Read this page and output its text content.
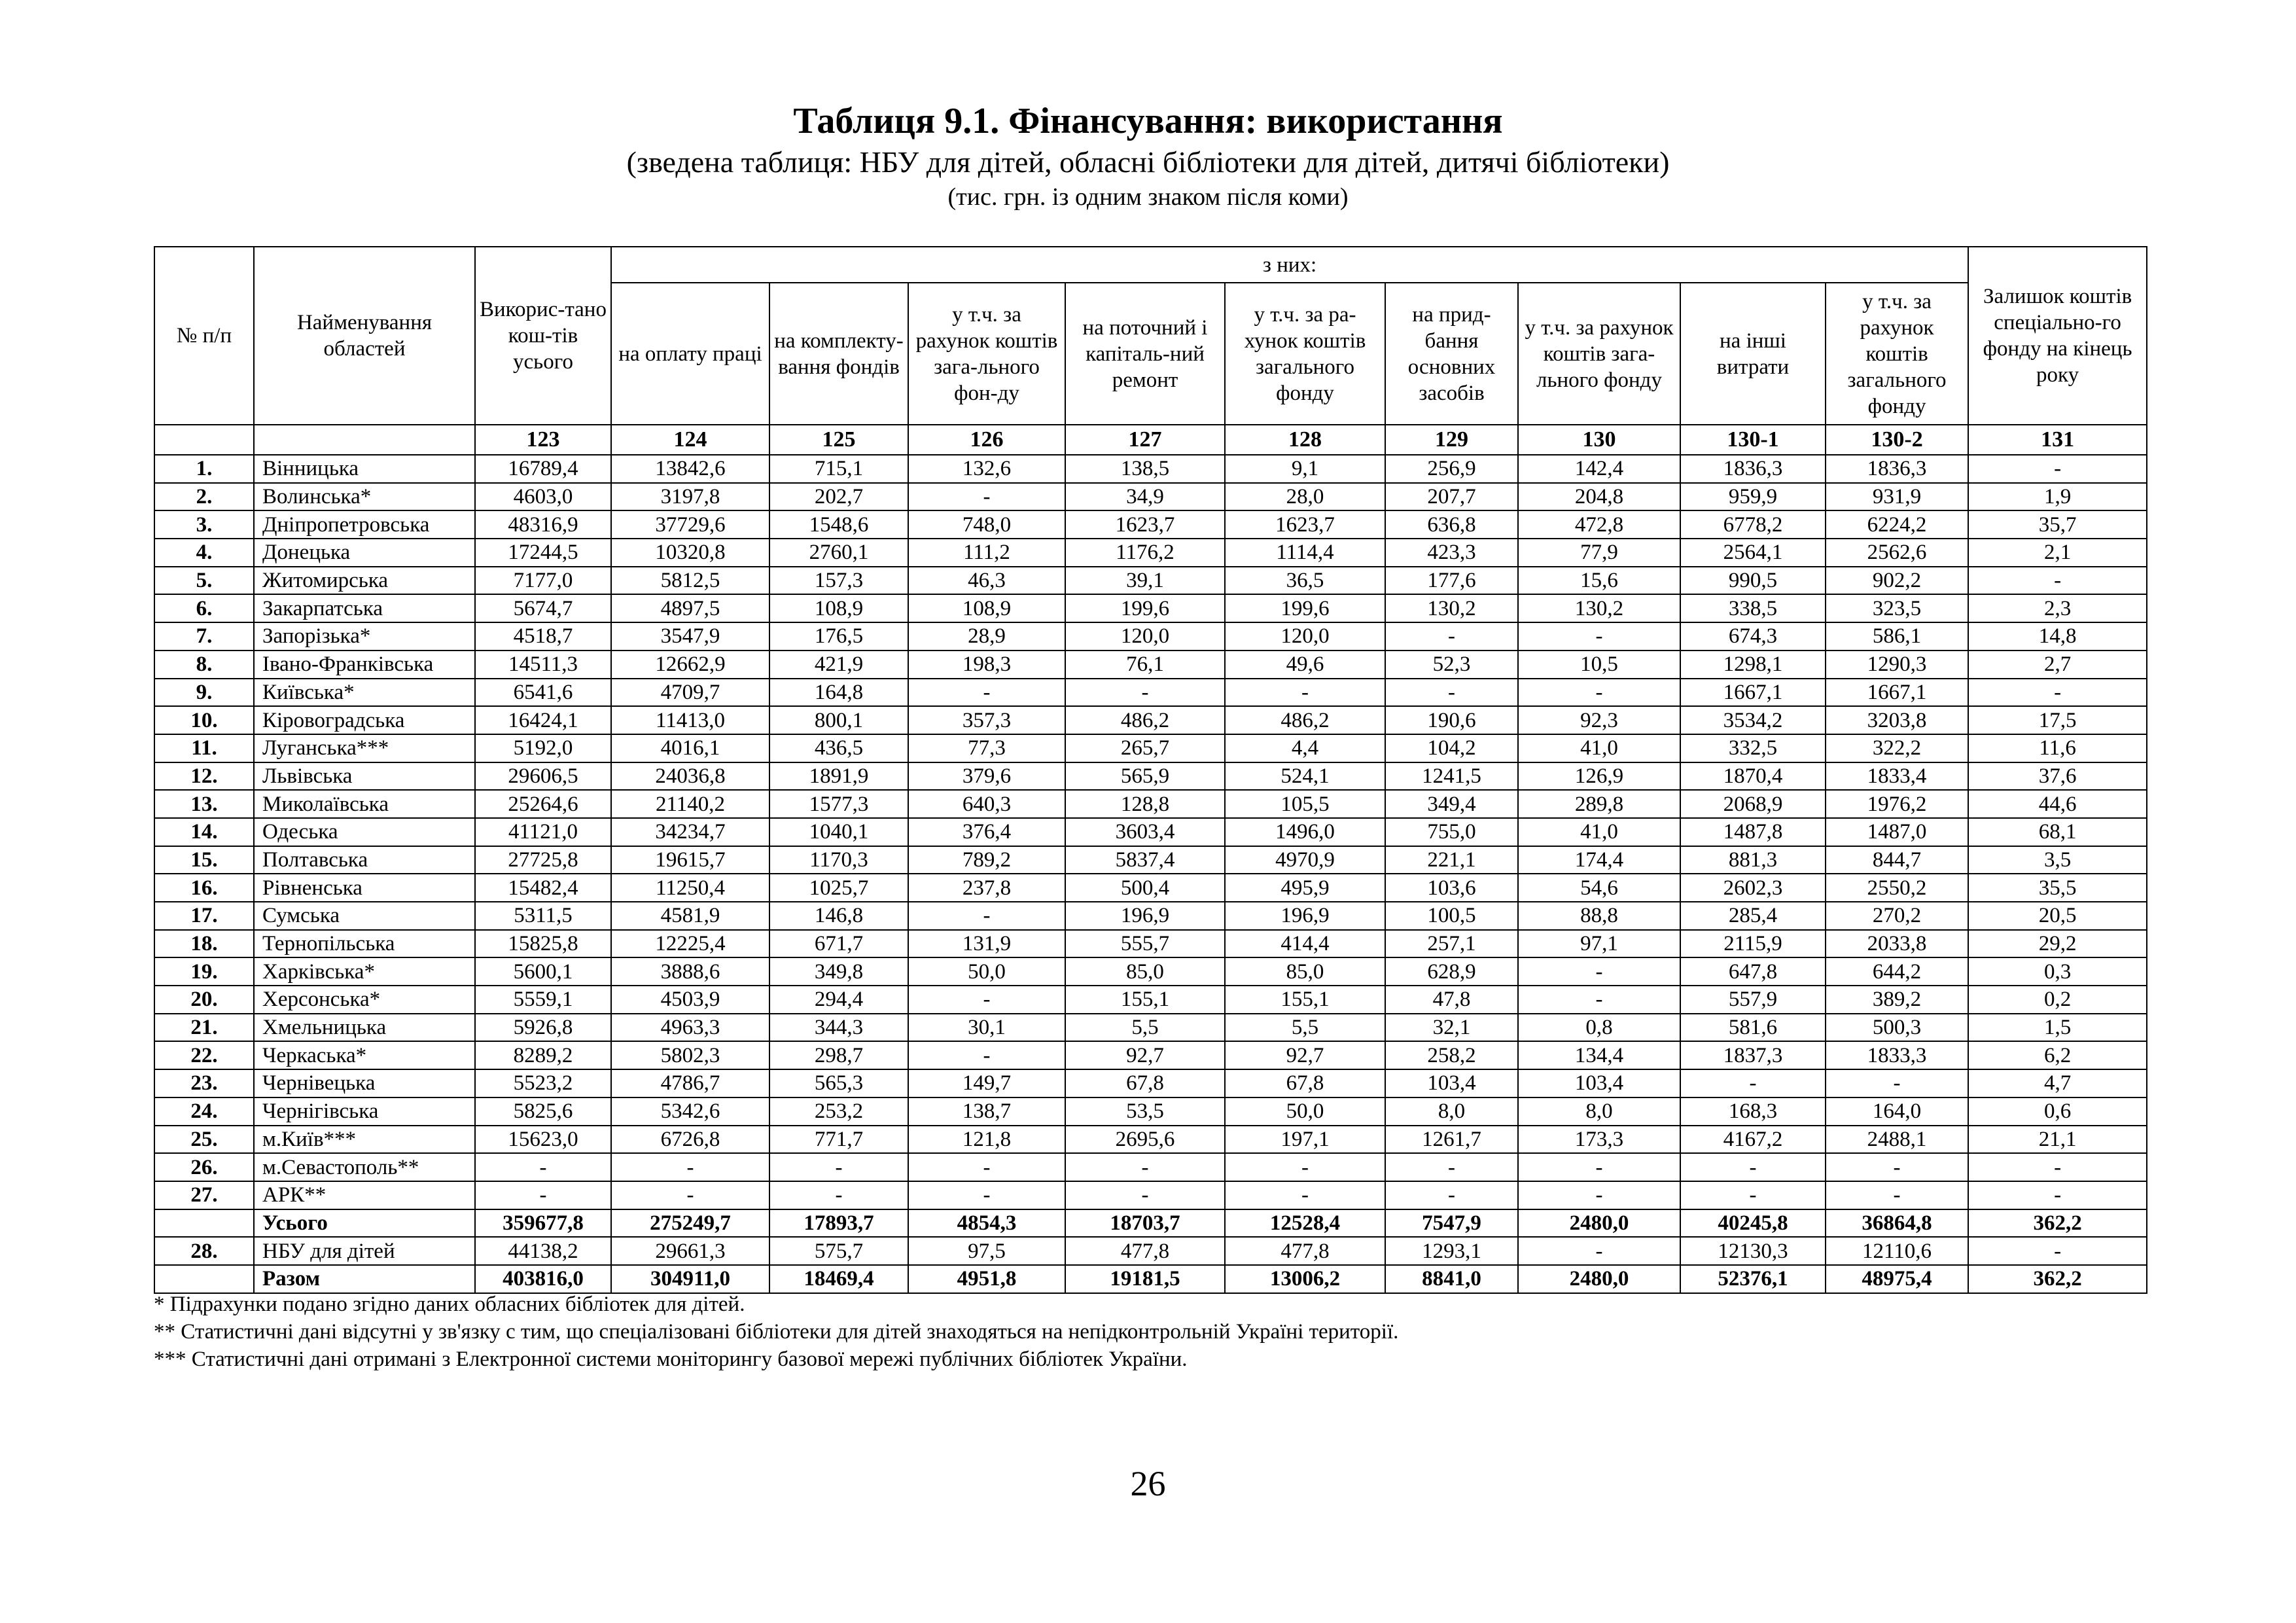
Таблиця 9.1. Фінансування: використання
(зведена таблиця: НБУ для дітей, обласні бібліотеки для дітей, дитячі бібліотеки)
(тис. грн. із одним знаком після коми)
№ п/п	Найменування областей	Викорис-тано кош-тів усього	з них:									Залишок коштів спеціально-го фонду на кінець року
			на оплату праці	на комплекту-вання фондів	у т.ч. за рахунок коштів зага-льного фон-ду	на поточний і капіталь-ний ремонт	у т.ч. за ра-хунок коштів загального фонду	на прид-бання основних засобів	у т.ч. за рахунок коштів зага-льного фонду	на інші витрати	у т.ч. за рахунок коштів загального фонду	
		123	124	125	126	127	128	129	130	130-1	130-2	131
1.	Вінницька	16789,4	13842,6	715,1	132,6	138,5	9,1	256,9	142,4	1836,3	1836,3	-
2.	Волинська*	4603,0	3197,8	202,7	-	34,9	28,0	207,7	204,8	959,9	931,9	1,9
3.	Дніпропетровська	48316,9	37729,6	1548,6	748,0	1623,7	1623,7	636,8	472,8	6778,2	6224,2	35,7
4.	Донецька	17244,5	10320,8	2760,1	111,2	1176,2	1114,4	423,3	77,9	2564,1	2562,6	2,1
5.	Житомирська	7177,0	5812,5	157,3	46,3	39,1	36,5	177,6	15,6	990,5	902,2	-
6.	Закарпатська	5674,7	4897,5	108,9	108,9	199,6	199,6	130,2	130,2	338,5	323,5	2,3
7.	Запорізька*	4518,7	3547,9	176,5	28,9	120,0	120,0	-	-	674,3	586,1	14,8
8.	Івано-Франківська	14511,3	12662,9	421,9	198,3	76,1	49,6	52,3	10,5	1298,1	1290,3	2,7
9.	Київська*	6541,6	4709,7	164,8	-	-	-	-	-	1667,1	1667,1	-
10.	Кіровоградська	16424,1	11413,0	800,1	357,3	486,2	486,2	190,6	92,3	3534,2	3203,8	17,5
11.	Луганська***	5192,0	4016,1	436,5	77,3	265,7	4,4	104,2	41,0	332,5	322,2	11,6
12.	Львівська	29606,5	24036,8	1891,9	379,6	565,9	524,1	1241,5	126,9	1870,4	1833,4	37,6
13.	Миколаївська	25264,6	21140,2	1577,3	640,3	128,8	105,5	349,4	289,8	2068,9	1976,2	44,6
14.	Одеська	41121,0	34234,7	1040,1	376,4	3603,4	1496,0	755,0	41,0	1487,8	1487,0	68,1
15.	Полтавська	27725,8	19615,7	1170,3	789,2	5837,4	4970,9	221,1	174,4	881,3	844,7	3,5
16.	Рівненська	15482,4	11250,4	1025,7	237,8	500,4	495,9	103,6	54,6	2602,3	2550,2	35,5
17.	Сумська	5311,5	4581,9	146,8	-	196,9	196,9	100,5	88,8	285,4	270,2	20,5
18.	Тернопільська	15825,8	12225,4	671,7	131,9	555,7	414,4	257,1	97,1	2115,9	2033,8	29,2
19.	Харківська*	5600,1	3888,6	349,8	50,0	85,0	85,0	628,9	-	647,8	644,2	0,3
20.	Херсонська*	5559,1	4503,9	294,4	-	155,1	155,1	47,8	-	557,9	389,2	0,2
21.	Хмельницька	5926,8	4963,3	344,3	30,1	5,5	5,5	32,1	0,8	581,6	500,3	1,5
22.	Черкаська*	8289,2	5802,3	298,7	-	92,7	92,7	258,2	134,4	1837,3	1833,3	6,2
23.	Чернівецька	5523,2	4786,7	565,3	149,7	67,8	67,8	103,4	103,4	-	-	4,7
24.	Чернігівська	5825,6	5342,6	253,2	138,7	53,5	50,0	8,0	8,0	168,3	164,0	0,6
25.	м.Київ***	15623,0	6726,8	771,7	121,8	2695,6	197,1	1261,7	173,3	4167,2	2488,1	21,1
26.	м.Севастополь**	-	-	-	-	-	-	-	-	-	-	-
27.	АРК**	-	-	-	-	-	-	-	-	-	-	-
	Усього	359677,8	275249,7	17893,7	4854,3	18703,7	12528,4	7547,9	2480,0	40245,8	36864,8	362,2
28.	НБУ для дітей	44138,2	29661,3	575,7	97,5	477,8	477,8	1293,1	-	12130,3	12110,6	-
	Разом	403816,0	304911,0	18469,4	4951,8	19181,5	13006,2	8841,0	2480,0	52376,1	48975,4	362,2
* Підрахунки подано згідно даних обласних бібліотек для дітей.
** Статистичні дані відсутні у зв'язку с тим, що спеціалізовані бібліотеки для дітей знаходяться на непідконтрольній Україні території.
*** Статистичні дані отримані з Електронної системи моніторингу базової мережі публічних бібліотек України.
26
